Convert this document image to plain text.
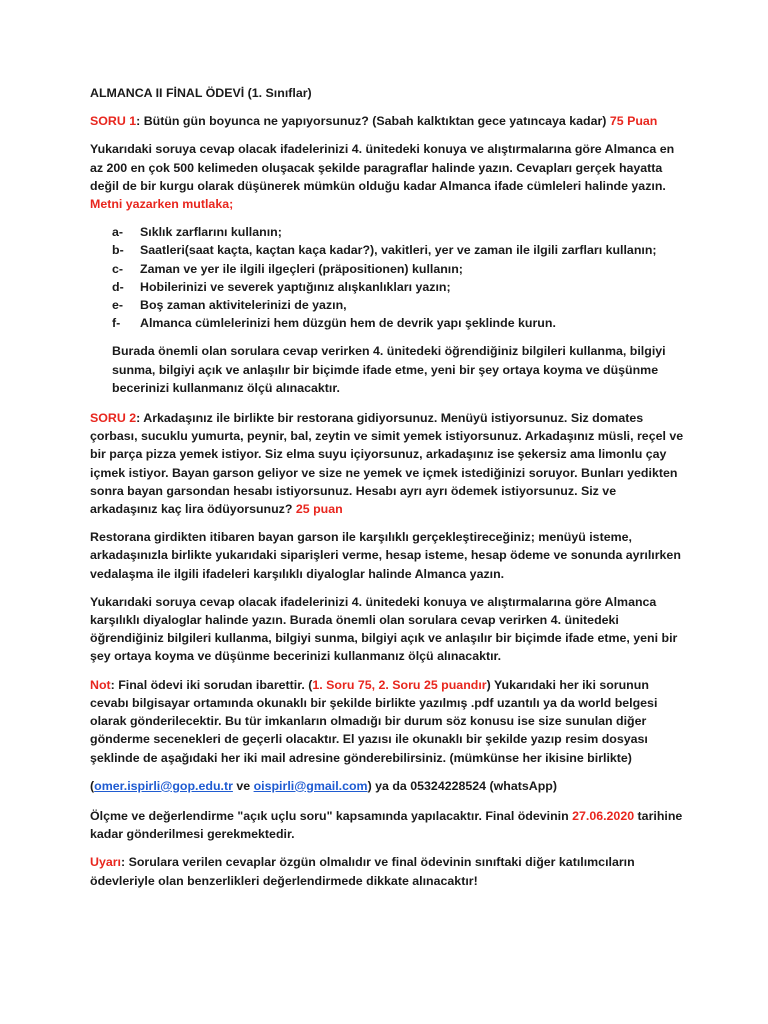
ALMANCA II FİNAL ÖDEVİ (1. Sınıflar)

SORU 1: Bütün gün boyunca ne yapıyorsunuz? (Sabah kalktıktan gece yatıncaya kadar) 75 Puan

Yukarıdaki soruya cevap olacak ifadelerinizi 4. ünitedeki konuya ve alıştırmalarına göre Almanca en az 200 en çok 500 kelimeden oluşacak şekilde paragraflar halinde yazın. Cevapları gerçek hayatta değil de bir kurgu olarak düşünerek mümkün olduğu kadar Almanca ifade cümleleri halinde yazın.

Metni yazarken mutlaka;

a-	Sıklık zarflarını kullanın;
b-	Saatleri(saat kaçta, kaçtan kaça kadar?), vakitleri, yer ve zaman ile ilgili zarfları kullanın;
c-	Zaman ve yer ile ilgili ilgeçleri (präpositionen) kullanın;
d-	Hobilerinizi ve severek yaptığınız alışkanlıkları yazın;
e-	Boş zaman aktivitelerinizi de yazın,
f-	Almanca cümlelerinizi hem düzgün hem de devrik yapı şeklinde kurun.

Burada önemli olan sorulara cevap verirken 4. ünitedeki öğrendiğiniz bilgileri kullanma, bilgiyi sunma, bilgiyi açık ve anlaşılır bir biçimde ifade etme, yeni bir şey ortaya koyma ve düşünme becerinizi kullanmanız ölçü alınacaktır.

SORU 2: Arkadaşınız ile birlikte bir restorana gidiyorsunuz. Menüyü istiyorsunuz. Siz domates çorbası, sucuklu yumurta, peynir, bal, zeytin ve simit yemek istiyorsunuz. Arkadaşınız müsli, reçel ve bir parça pizza yemek istiyor. Siz elma suyu içiyorsunuz, arkadaşınız ise şekersiz ama limonlu çay içmek istiyor. Bayan garson geliyor ve size ne yemek ve içmek istediğinizi soruyor. Bunları yedikten sonra bayan garsondan hesabı istiyorsunuz. Hesabı ayrı ayrı ödemek istiyorsunuz. Siz ve arkadaşınız kaç lira ödüyorsunuz? 25 puan

Restorana girdikten itibaren bayan garson ile karşılıklı gerçekleştireceğiniz; menüyü isteme, arkadaşınızla birlikte yukarıdaki siparişleri verme, hesap isteme, hesap ödeme ve sonunda ayrılırken vedalaşma ile ilgili ifadeleri karşılıklı diyaloglar halinde Almanca yazın.

Yukarıdaki soruya cevap olacak ifadelerinizi 4. ünitedeki konuya ve alıştırmalarına göre Almanca karşılıklı diyaloglar halinde yazın. Burada önemli olan sorulara cevap verirken 4. ünitedeki öğrendiğiniz bilgileri kullanma, bilgiyi sunma, bilgiyi açık ve anlaşılır bir biçimde ifade etme, yeni bir şey ortaya koyma ve düşünme becerinizi kullanmanız ölçü alınacaktır.

Not: Final ödevi iki sorudan ibarettir. (1. Soru 75, 2. Soru 25 puandır) Yukarıdaki her iki sorunun cevabı bilgisayar ortamında okunaklı bir şekilde birlikte yazılmış .pdf uzantılı ya da world belgesi olarak gönderilecektir. Bu tür imkanların olmadığı bir durum söz konusu ise size sunulan diğer gönderme secenekleri de geçerli olacaktır. El yazısı ile okunaklı bir şekilde yazıp resim dosyası şeklinde de aşağıdaki her iki mail adresine gönderebilirsiniz. (mümkünse her ikisine birlikte)

(omer.ispirli@gop.edu.tr ve oispirli@gmail.com) ya da 05324228524 (whatsApp)

Ölçme ve değerlendirme "açık uçlu soru" kapsamında yapılacaktır. Final ödevinin 27.06.2020 tarihine kadar gönderilmesi gerekmektedir.

Uyarı: Sorulara verilen cevaplar özgün olmalıdır ve final ödevinin sınıftaki diğer katılımcıların ödevleriyle olan benzerlikleri değerlendirmede dikkate alınacaktır!
